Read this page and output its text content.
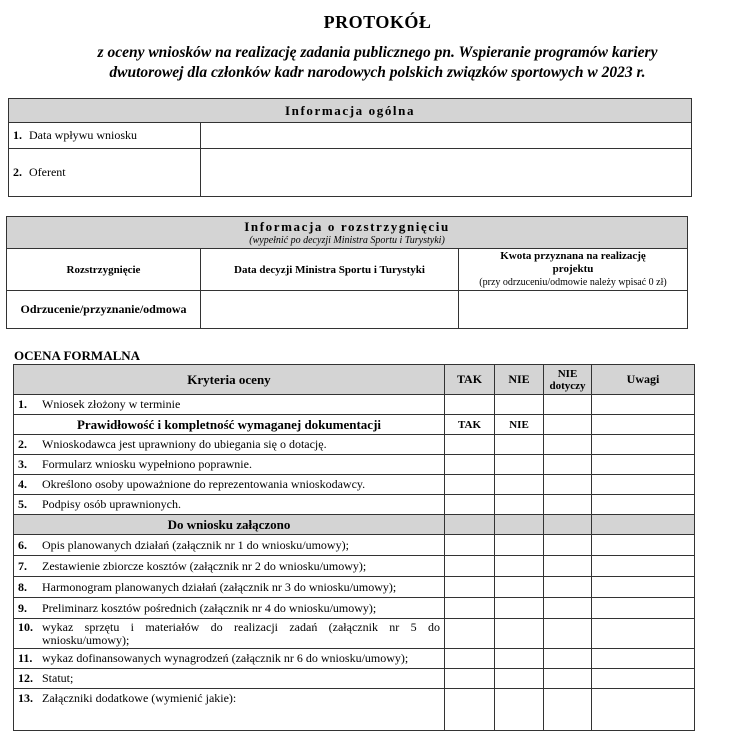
PROTOKÓŁ
z oceny wniosków na realizację zadania publicznego pn. Wspieranie programów kariery
dwutorowej dla członków kadr narodowych polskich związków sportowych w 2023 r.
Informacja ogólna	
1. Data wpływu wniosku	
2. Oferent	
Informacja o rozstrzygnięciu
(wypełnić po decyzji Ministra Sportu i Turystyki)		

Rozstrzygnięcie	Data decyzji Ministra Sportu i Turystyki	Kwota przyznana na realizację
projektu
(przy odrzuceniu/odmowie należy wpisać 0 zł)

Odrzucenie/przyznanie/odmowa		
OCENA FORMALNA
Kryteria oceny	TAK	NIE	NIE dotyczy	Uwagi
1. Wniosek złożony w terminie				
Prawidłowość i kompletność wymaganej dokumentacji	TAK	NIE		
2. Wnioskodawca jest uprawniony do ubiegania się o dotację.				
3. Formularz wniosku wypełniono poprawnie.				
4. Określono osoby upoważnione do reprezentowania wnioskodawcy.				
5. Podpisy osób uprawnionych.				
Do wniosku załączono				
6. Opis planowanych działań (załącznik nr 1 do wniosku/umowy);				
7. Zestawienie zbiorcze kosztów (załącznik nr 2 do wniosku/umowy);				
8. Harmonogram planowanych działań (załącznik nr 3 do wniosku/umowy);				
9. Preliminarz kosztów pośrednich (załącznik nr 4 do wniosku/umowy);				

10. wykaz sprzętu i materiałów do realizacji zadań (załącznik nr 5 do wniosku/umowy);				
11. wykaz dofinansowanych wynagrodzeń (załącznik nr 6 do wniosku/umowy);				
12. Statut;				
13. Załączniki dodatkowe (wymienić jakie):				
